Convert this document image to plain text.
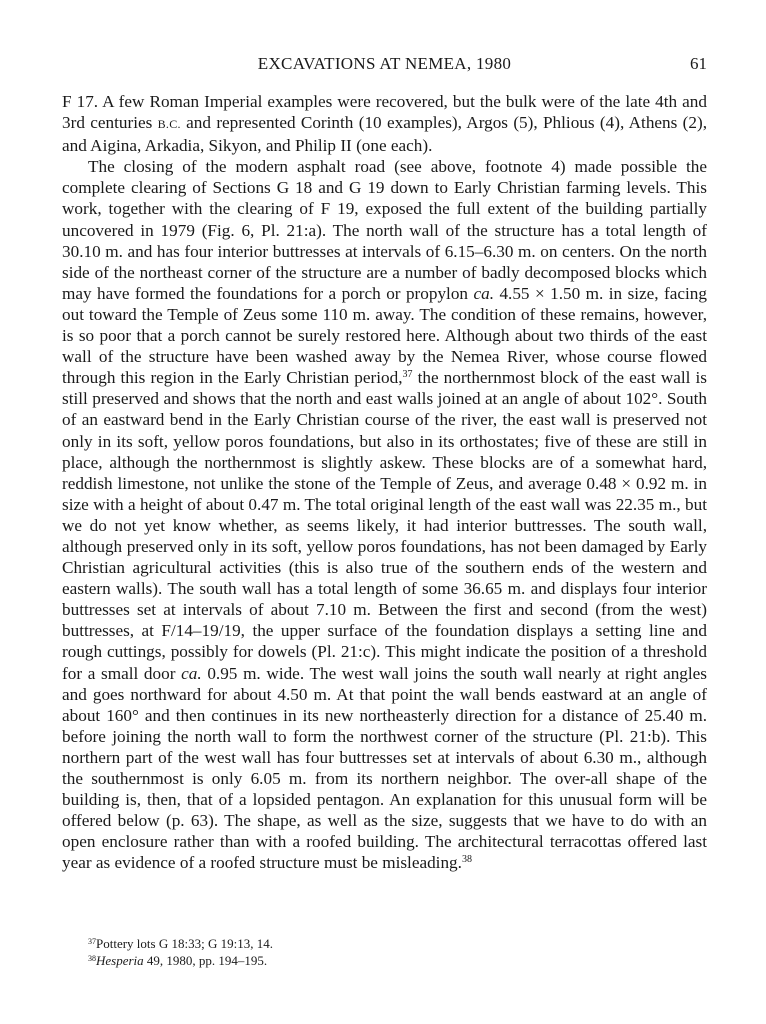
EXCAVATIONS AT NEMEA, 1980	61

F 17. A few Roman Imperial examples were recovered, but the bulk were of the late 4th and 3rd centuries B.C. and represented Corinth (10 examples), Argos (5), Phlious (4), Athens (2), and Aigina, Arkadia, Sikyon, and Philip II (one each).

The closing of the modern asphalt road (see above, footnote 4) made possible the complete clearing of Sections G 18 and G 19 down to Early Christian farming levels. This work, together with the clearing of F 19, exposed the full extent of the building partially uncovered in 1979 (Fig. 6, Pl. 21:a). The north wall of the structure has a total length of 30.10 m. and has four interior buttresses at intervals of 6.15–6.30 m. on centers. On the north side of the northeast corner of the structure are a number of badly decomposed blocks which may have formed the foundations for a porch or propylon ca. 4.55 × 1.50 m. in size, facing out toward the Temple of Zeus some 110 m. away. The condition of these remains, however, is so poor that a porch cannot be surely restored here. Although about two thirds of the east wall of the structure have been washed away by the Nemea River, whose course flowed through this region in the Early Christian period,$^{37}$ the northernmost block of the east wall is still preserved and shows that the north and east walls joined at an angle of about 102°. South of an eastward bend in the Early Christian course of the river, the east wall is preserved not only in its soft, yellow poros foundations, but also in its orthostates; five of these are still in place, although the northernmost is slightly askew. These blocks are of a somewhat hard, reddish limestone, not unlike the stone of the Temple of Zeus, and average 0.48 × 0.92 m. in size with a height of about 0.47 m. The total original length of the east wall was 22.35 m., but we do not yet know whether, as seems likely, it had interior buttresses. The south wall, although preserved only in its soft, yellow poros foundations, has not been damaged by Early Christian agricultural activities (this is also true of the southern ends of the western and eastern walls). The south wall has a total length of some 36.65 m. and displays four interior buttresses set at intervals of about 7.10 m. Between the first and second (from the west) buttresses, at F/14–19/19, the upper surface of the foundation displays a setting line and rough cuttings, possibly for dowels (Pl. 21:c). This might indicate the position of a threshold for a small door ca. 0.95 m. wide. The west wall joins the south wall nearly at right angles and goes northward for about 4.50 m. At that point the wall bends eastward at an angle of about 160° and then continues in its new northeasterly direction for a distance of 25.40 m. before joining the north wall to form the northwest corner of the structure (Pl. 21:b). This northern part of the west wall has four buttresses set at intervals of about 6.30 m., although the southernmost is only 6.05 m. from its northern neighbor. The over-all shape of the building is, then, that of a lopsided pentagon. An explanation for this unusual form will be offered below (p. 63). The shape, as well as the size, suggests that we have to do with an open enclosure rather than with a roofed building. The architectural terracottas offered last year as evidence of a roofed structure must be misleading.$^{38}$

$^{37}$Pottery lots G 18:33; G 19:13, 14.
$^{38}$Hesperia 49, 1980, pp. 194–195.
